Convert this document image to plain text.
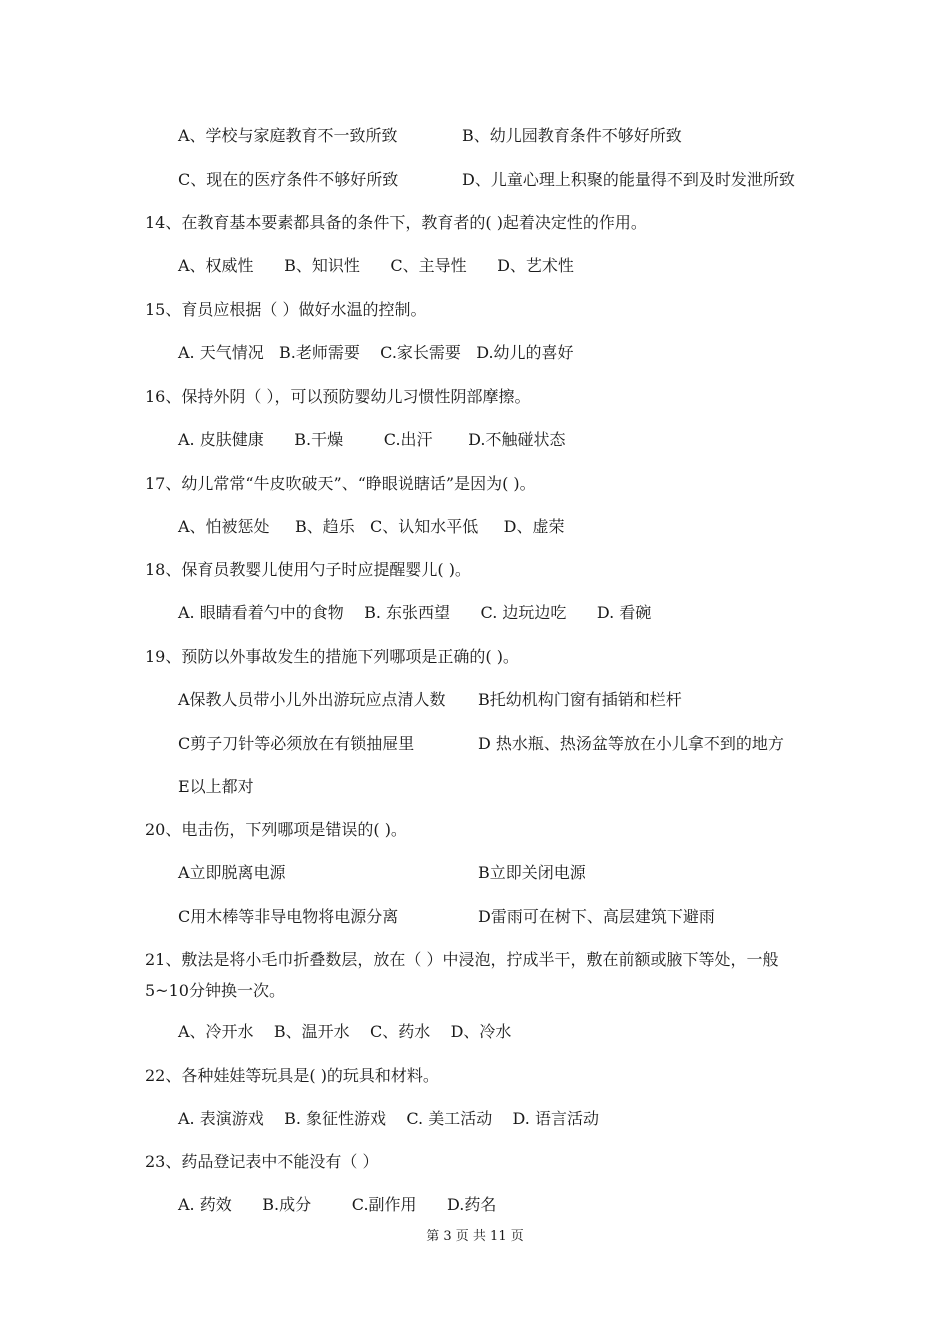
A、学校与家庭教育不一致所致	B、幼儿园教育条件不够好所致
C、现在的医疗条件不够好所致	D、儿童心理上积聚的能量得不到及时发泄所致
14、在教育基本要素都具备的条件下，教育者的( )起着决定性的作用。
A、权威性      B、知识性      C、主导性      D、艺术性
15、育员应根据（ ）做好水温的控制。
A. 天气情况   B.老师需要    C.家长需要   D.幼儿的喜好
16、保持外阴（ ），可以预防婴幼儿习惯性阴部摩擦。
A. 皮肤健康      B.干燥        C.出汗       D.不触碰状态
17、幼儿常常“牛皮吹破天”、“睁眼说瞎话”是因为( )。
A、怕被惩处     B、趋乐   C、认知水平低     D、虚荣
18、保育员教婴儿使用勺子时应提醒婴儿( )。
A. 眼睛看着勺中的食物    B. 东张西望      C. 边玩边吃      D. 看碗
19、预防以外事故发生的措施下列哪项是正确的( )。
A保教人员带小儿外出游玩应点清人数 B托幼机构门窗有插销和栏杆
C剪子刀针等必须放在有锁抽屉里	D 热水瓶、热汤盆等放在小儿拿不到的地方
E以上都对
20、电击伤，下列哪项是错误的( )。
A立即脱离电源	B立即关闭电源
C用木棒等非导电物将电源分离	D雷雨可在树下、高层建筑下避雨
21、敷法是将小毛巾折叠数层，放在（ ）中浸泡，拧成半干，敷在前额或腋下等处，一般5~10分钟换一次。
A、冷开水    B、温开水    C、药水    D、冷水
22、各种娃娃等玩具是( )的玩具和材料。
A. 表演游戏    B. 象征性游戏    C. 美工活动    D. 语言活动
23、药品登记表中不能没有（ ）
A. 药效      B.成分        C.副作用      D.药名
第 3 页 共 11 页
